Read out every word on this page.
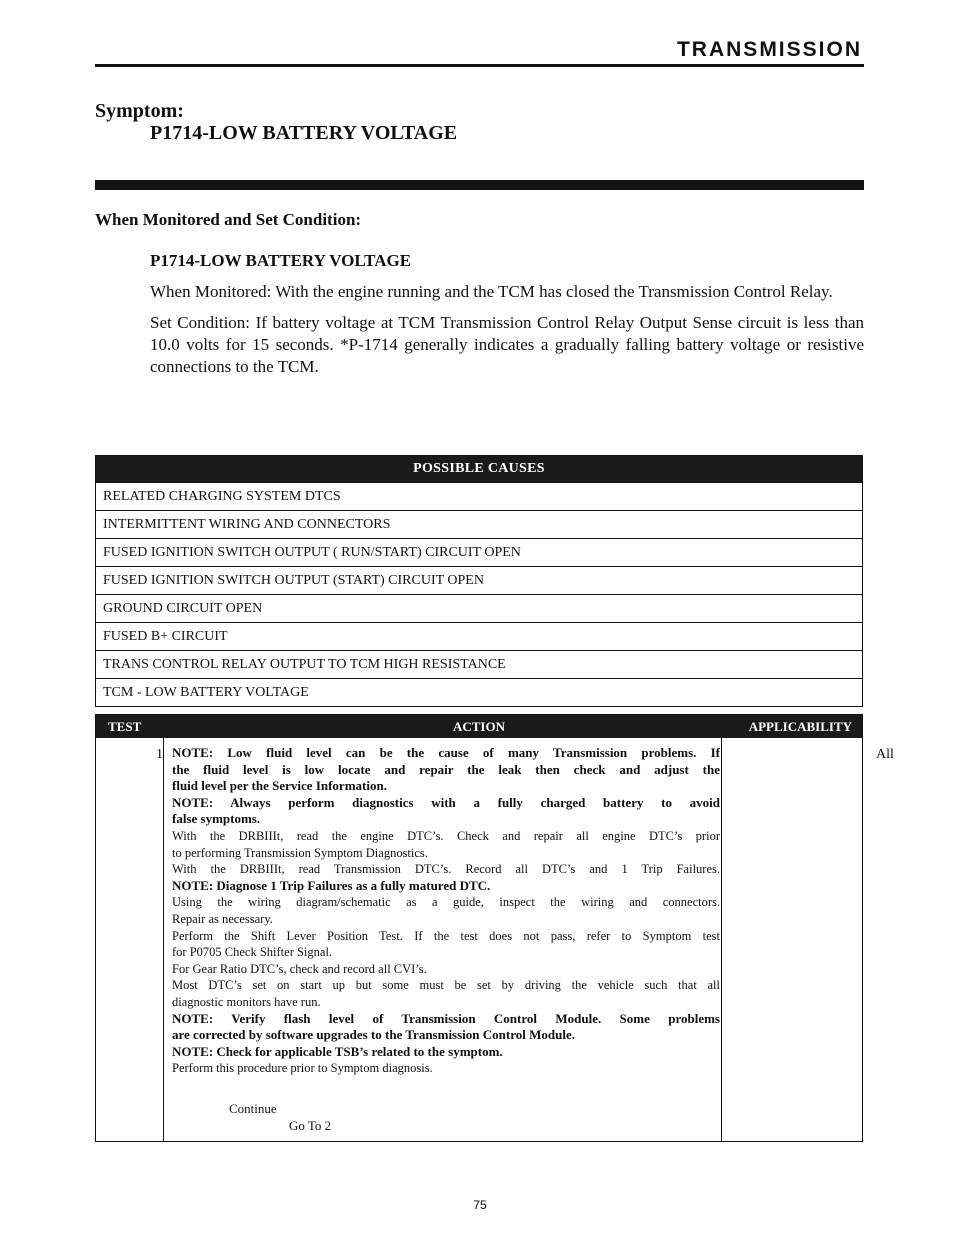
TRANSMISSION
Symptom:
P1714-LOW BATTERY VOLTAGE
When Monitored and Set Condition:

P1714-LOW BATTERY VOLTAGE

When Monitored: With the engine running and the TCM has closed the Transmission Control Relay.

Set Condition: If battery voltage at TCM Transmission Control Relay Output Sense circuit is less than 10.0 volts for 15 seconds. *P-1714 generally indicates a gradually falling battery voltage or resistive connections to the TCM.

POSSIBLE CAUSES
RELATED CHARGING SYSTEM DTCS
INTERMITTENT WIRING AND CONNECTORS
FUSED IGNITION SWITCH OUTPUT ( RUN/START) CIRCUIT OPEN
FUSED IGNITION SWITCH OUTPUT (START) CIRCUIT OPEN
GROUND CIRCUIT OPEN
FUSED B+ CIRCUIT
TRANS CONTROL RELAY OUTPUT TO TCM HIGH RESISTANCE
TCM - LOW BATTERY VOLTAGE
ACTION
TEST	APPLICABILITY
1	All
NOTE: Low fluid level can be the cause of many Transmission problems. If
the fluid level is low locate and repair the leak then check and adjust the
fluid level per the Service Information.
NOTE: Always perform diagnostics with a fully charged battery to avoid
false symptoms.
With the DRBIIIt, read the engine DTC’s. Check and repair all engine DTC’s prior
to performing Transmission Symptom Diagnostics.
With the DRBIIIt, read Transmission DTC’s. Record all DTC’s and 1 Trip Failures.
NOTE: Diagnose 1 Trip Failures as a fully matured DTC.
Using the wiring diagram/schematic as a guide, inspect the wiring and connectors.
Repair as necessary.
Perform the Shift Lever Position Test. If the test does not pass, refer to Symptom test
for P0705 Check Shifter Signal.
For Gear Ratio DTC’s, check and record all CVI’s.
Most DTC’s set on start up but some must be set by driving the vehicle such that all
diagnostic monitors have run.
NOTE: Verify flash level of Transmission Control Module. Some problems
are corrected by software upgrades to the Transmission Control Module.
NOTE: Check for applicable TSB’s related to the symptom.
Perform this procedure prior to Symptom diagnosis.
Continue
Go To 2
75
